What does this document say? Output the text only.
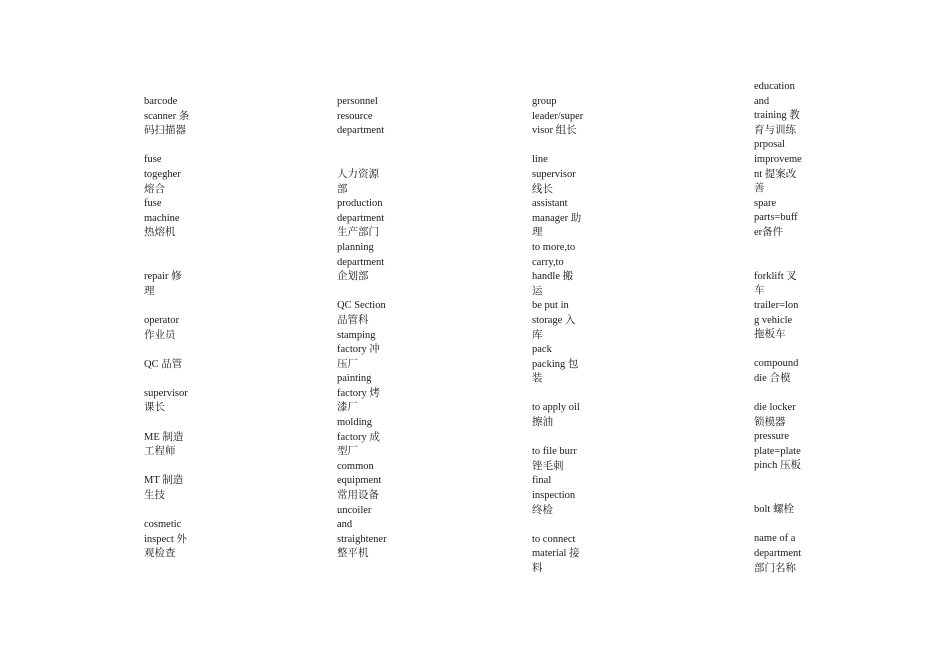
barcode
scanner 条
码扫描器
fuse
togegher
熔合
fuse
machine
热熔机
repair 修
理
operator
作业员
QC 品管
supervisor
课长
ME 制造
工程师
MT 制造
生技
cosmetic
inspect 外
观检查
personnel
resource
department
人力资源
部
production
department
生产部门
planning
department
企划部
QC Section
品管科
stamping
factory 冲
压厂
painting
factory 烤
漆厂
molding
factory 成
型厂
common
equipment
常用设备
uncoiler
and
straightener
整平机
group
leader/super
visor 组长
line
supervisor
线长
assistant
manager 助
理
to more,to
carry,to
handle 搬
运
be put in
storage 入
库
pack
packing 包
装
to apply oil
擦油
to file burr
锉毛刺
final
inspection
终检
to connect
material 接
料
education
and
training 教
育与训练
prposal
improveme
nt 提案改
善
spare
parts=buff
er备件
forklift 叉
车
trailer=lon
g vehicle
拖板车
compound
die 合模
die locker
锁模器
pressure
plate=plate
pinch 压板
bolt 螺栓
name of a
department
部门名称
